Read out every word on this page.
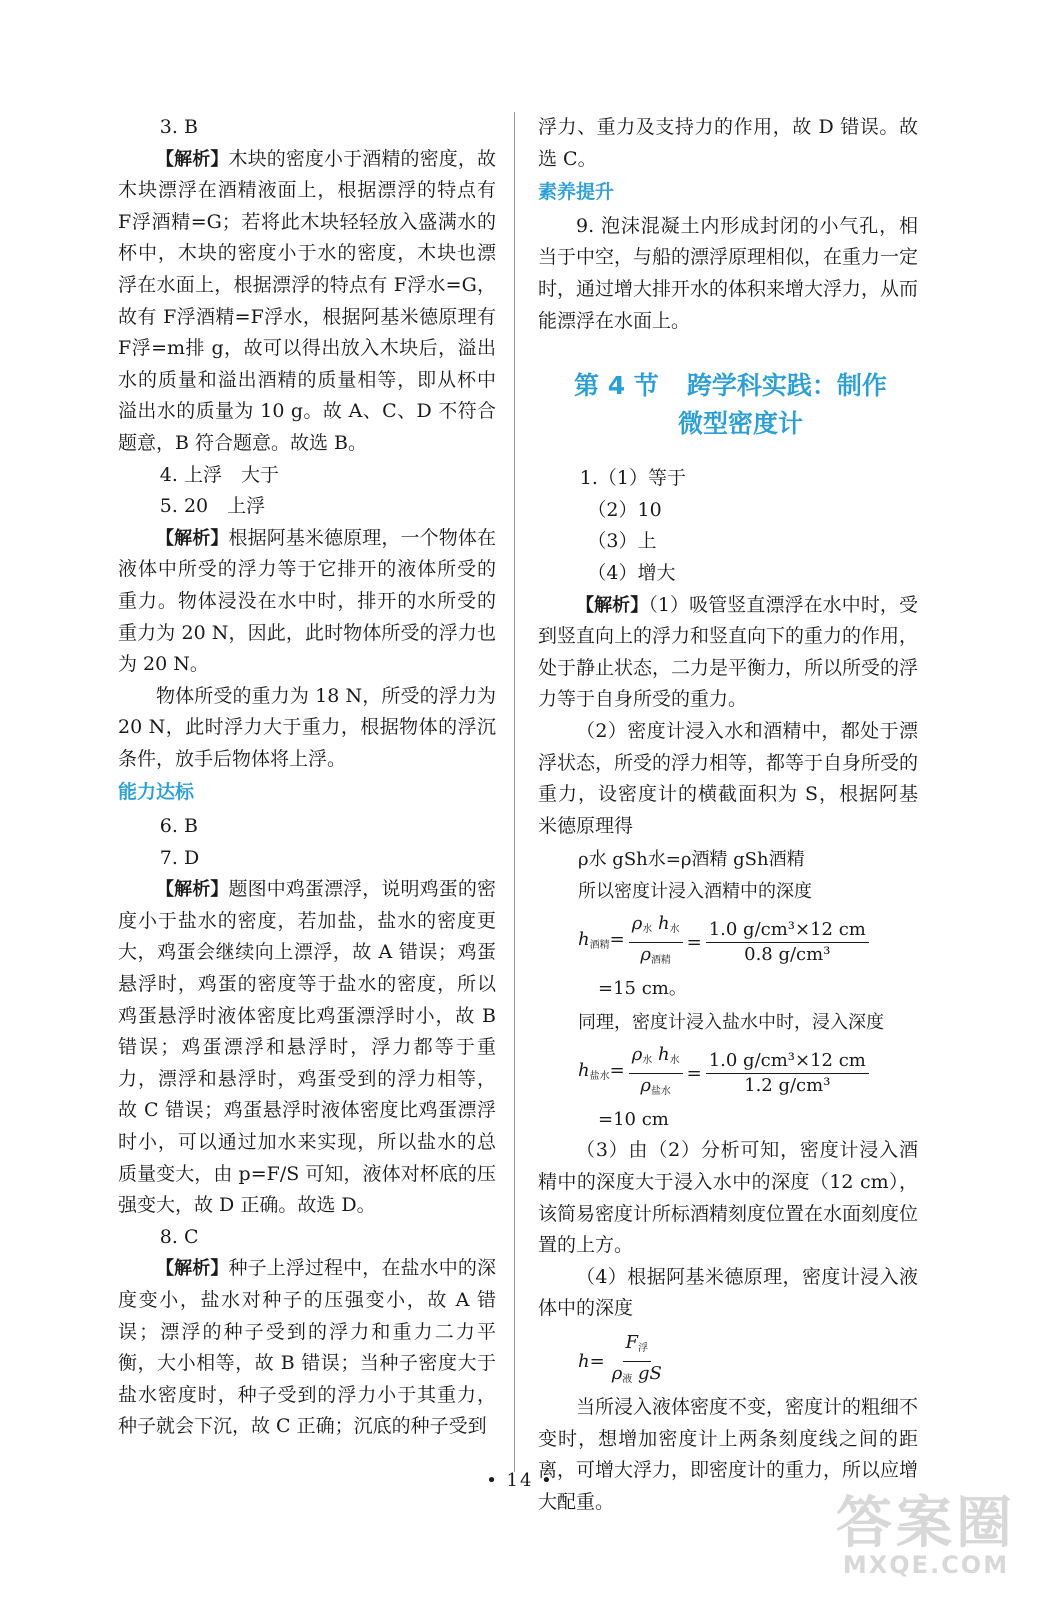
3. B

【解析】木块的密度小于酒精的密度，故木块漂浮在酒精液面上，根据漂浮的特点有 F浮酒精=G；若将此木块轻轻放入盛满水的杯中，木块的密度小于水的密度，木块也漂浮在水面上，根据漂浮的特点有 F浮水=G，故有 F浮酒精=F浮水，根据阿基米德原理有 F浮=m排 g，故可以得出放入木块后，溢出水的质量和溢出酒精的质量相等，即从杯中溢出水的质量为 10 g。故 A、C、D 不符合题意，B 符合题意。故选 B。

4. 上浮　大于

5. 20　上浮

【解析】根据阿基米德原理，一个物体在液体中所受的浮力等于它排开的液体所受的重力。物体浸没在水中时，排开的水所受的重力为 20 N，因此，此时物体所受的浮力也为 20 N。

物体所受的重力为 18 N，所受的浮力为 20 N，此时浮力大于重力，根据物体的浮沉条件，放手后物体将上浮。

能力达标

6. B

7. D

【解析】题图中鸡蛋漂浮，说明鸡蛋的密度小于盐水的密度，若加盐，盐水的密度更大，鸡蛋会继续向上漂浮，故 A 错误；鸡蛋悬浮时，鸡蛋的密度等于盐水的密度，所以鸡蛋悬浮时液体密度比鸡蛋漂浮时小，故 B 错误；鸡蛋漂浮和悬浮时，浮力都等于重力，漂浮和悬浮时，鸡蛋受到的浮力相等，故 C 错误；鸡蛋悬浮时液体密度比鸡蛋漂浮时小，可以通过加水来实现，所以盐水的总质量变大，由 p=F/S 可知，液体对杯底的压强变大，故 D 正确。故选 D。

8. C

【解析】种子上浮过程中，在盐水中的深度变小，盐水对种子的压强变小，故 A 错误；漂浮的种子受到的浮力和重力二力平衡，大小相等，故 B 错误；当种子密度大于盐水密度时，种子受到的浮力小于其重力，种子就会下沉，故 C 正确；沉底的种子受到

浮力、重力及支持力的作用，故 D 错误。故选 C。

素养提升

9. 泡沫混凝土内形成封闭的小气孔，相当于中空，与船的漂浮原理相似，在重力一定时，通过增大排开水的体积来增大浮力，从而能漂浮在水面上。

第 4 节 跨学科实践：制作
微型密度计

1.（1）等于

（2）10

（3）上

（4）增大

【解析】（1）吸管竖直漂浮在水中时，受到竖直向上的浮力和竖直向下的重力的作用，处于静止状态，二力是平衡力，所以所受的浮力等于自身所受的重力。

（2）密度计浸入水和酒精中，都处于漂浮状态，所受的浮力相等，都等于自身所受的重力，设密度计的横截面积为 S，根据阿基米德原理得

ρ水 gSh水=ρ酒精 gSh酒精

所以密度计浸入酒精中的深度

$h_{酒精}= \frac{\rho_水 h_水}{\rho_{酒精}} = \frac{\text{1.0 g/cm³×12 cm}}{\text{0.8 g/cm³}}$

=15 cm。

同理，密度计浸入盐水中时，浸入深度

$h_{盐水}= \frac{\rho_水 h_水}{\rho_{盐水}} = \frac{\text{1.0 g/cm³×12 cm}}{\text{1.2 g/cm³}}$

=10 cm

（3）由（2）分析可知，密度计浸入酒精中的深度大于浸入水中的深度（12 cm），该简易密度计所标酒精刻度位置在水面刻度位置的上方。

（4）根据阿基米德原理，密度计浸入液体中的深度

$h= \frac{F_浮}{\rho_液 gS}$

当所浸入液体密度不变，密度计的粗细不变时，想增加密度计上两条刻度线之间的距离，可增大浮力，即密度计的重力，所以应增大配重。

• 14 •
答案圈
MXQE.COM
